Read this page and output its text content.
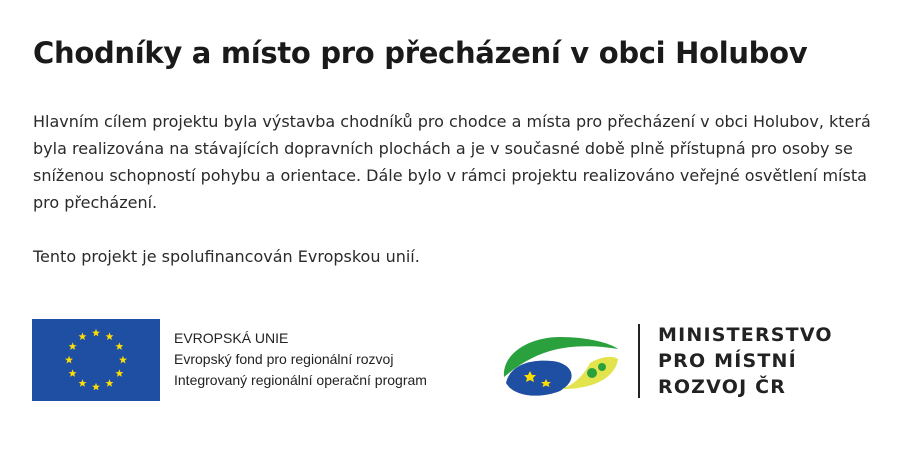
Chodníky a místo pro přecházení v obci Holubov

Hlavním cílem projektu byla výstavba chodníků pro chodce a místa pro přecházení v obci Holubov, která byla realizována na stávajících dopravních plochách a je v současné době plně přístupná pro osoby se sníženou schopností pohybu a orientace. Dále bylo v rámci projektu realizováno veřejné osvětlení místa pro přecházení.

Tento projekt je spolufinancován Evropskou unií.

EVROPSKÁ UNIE
Evropský fond pro regionální rozvoj
Integrovaný regionální operační program
MINISTERSTVO
PRO MÍSTNÍ
ROZVOJ ČR
